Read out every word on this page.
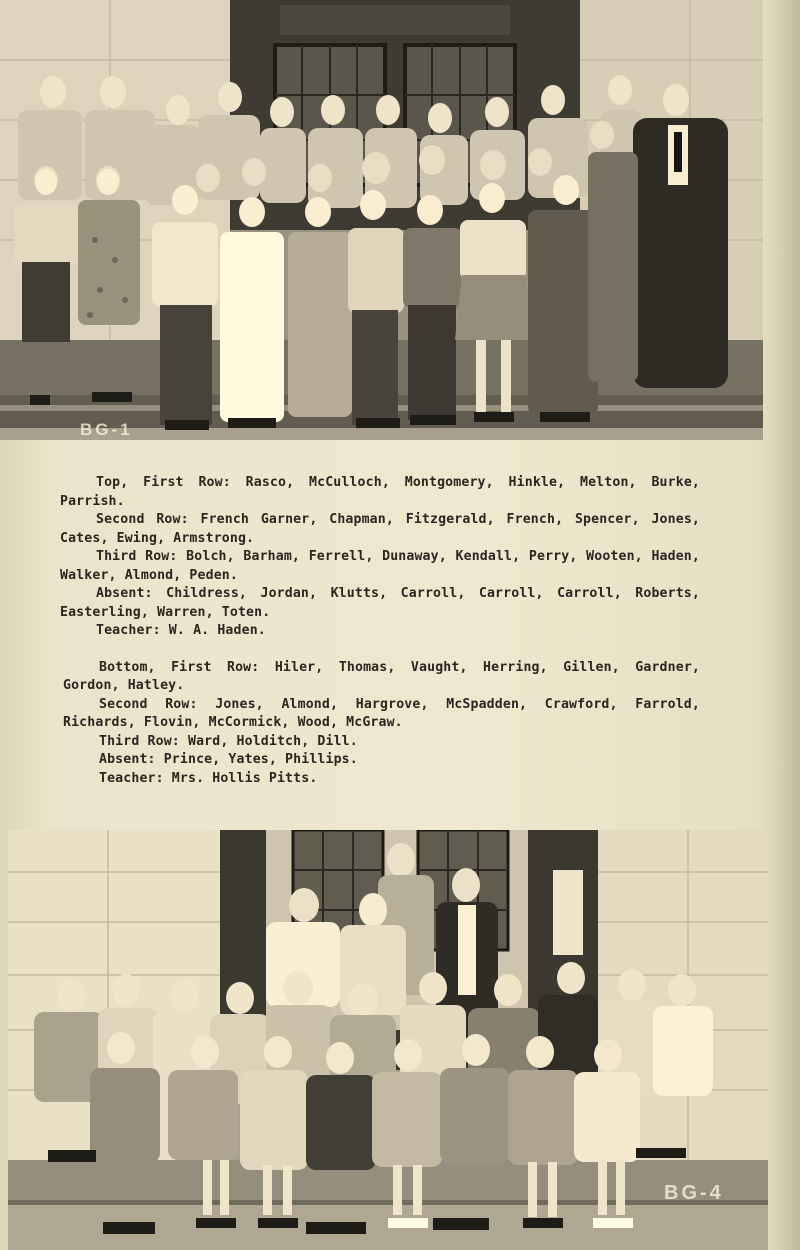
BG-1

Top, First Row: Rasco, McCulloch, Montgomery, Hinkle, Melton, Burke, Parrish.

Second Row: French Garner, Chapman, Fitzgerald, French, Spencer, Jones, Cates, Ewing, Armstrong.

Third Row: Bolch, Barham, Ferrell, Dunaway, Kendall, Perry, Wooten, Haden, Walker, Almond, Peden.

Absent: Childress, Jordan, Klutts, Carroll, Carroll, Carroll, Roberts, Easterling, Warren, Toten.

Teacher: W. A. Haden.

Bottom, First Row: Hiler, Thomas, Vaught, Herring, Gillen, Gardner, Gordon, Hatley.

Second Row: Jones, Almond, Hargrove, McSpadden, Crawford, Farrold, Richards, Flovin, McCormick, Wood, McGraw.

Third Row: Ward, Holditch, Dill.

Absent: Prince, Yates, Phillips.

Teacher: Mrs. Hollis Pitts.

BG-4
